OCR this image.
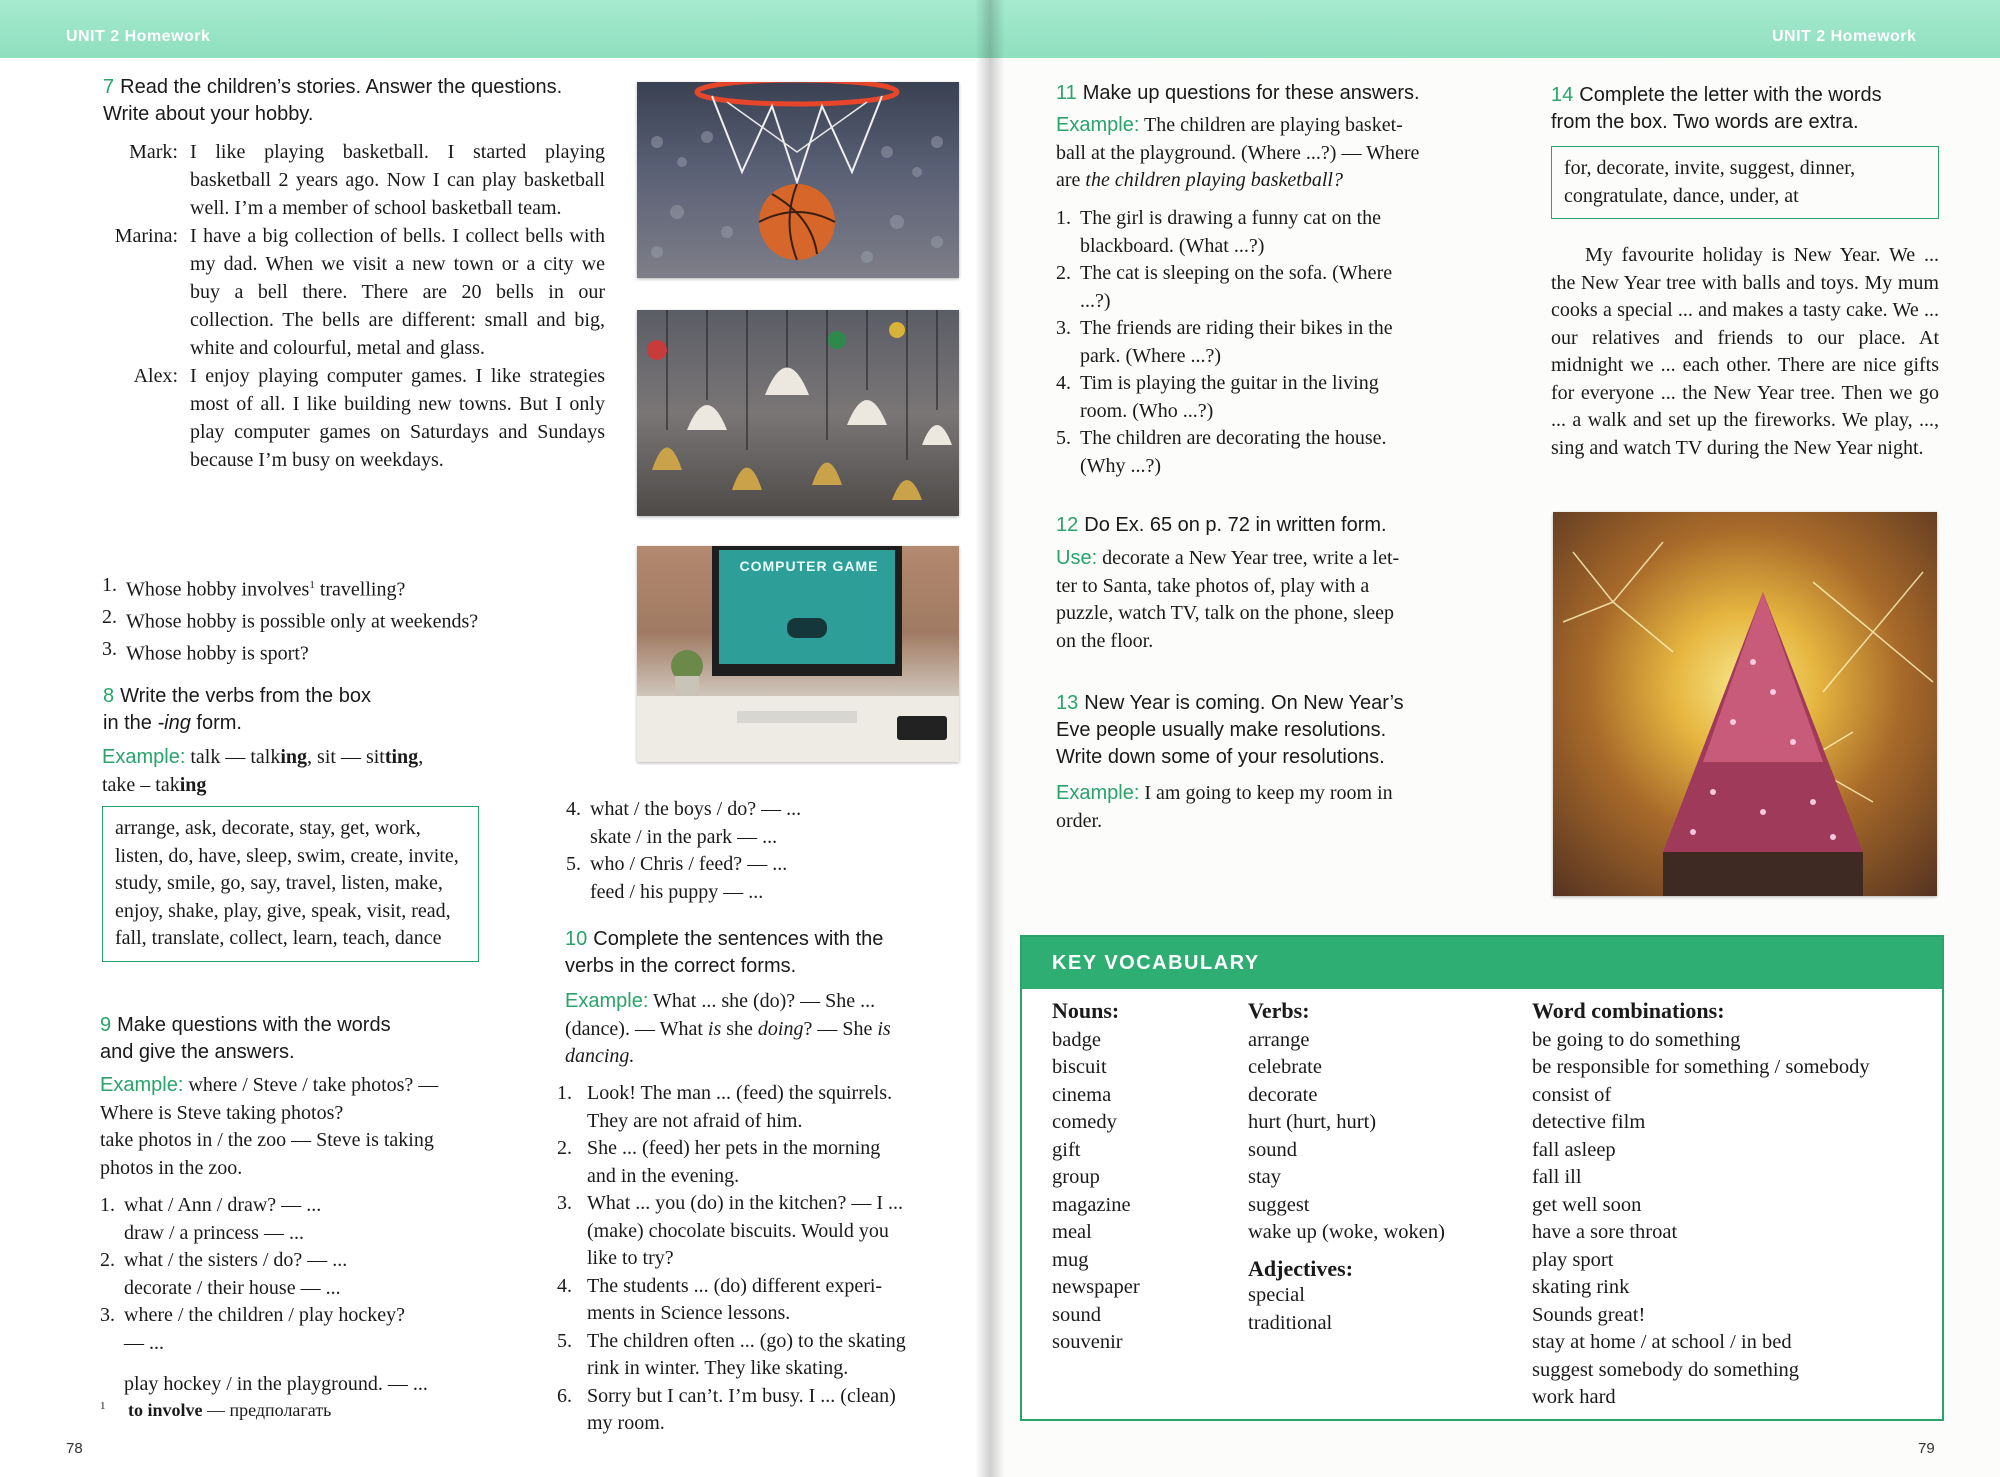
UNIT 2 Homework
7 Read the children’s stories. Answer the questions.
Write about your hobby.
Mark: I like playing basketball. I started playing basketball 2 years ago. Now I can play basketball well. I’m a member of school basketball team.
Marina: I have a big collection of bells. I collect bells with my dad. When we visit a new town or a city we buy a bell there. There are 20 bells in our collection. The bells are different: small and big, white and colourful, metal and glass.
Alex: I enjoy playing computer games. I like strategies most of all. I like building new towns. But I only play computer games on Saturdays and Sundays because I’m busy on weekdays.
1. Whose hobby involves$^1$ travelling?
2. Whose hobby is possible only at weekends?
3. Whose hobby is sport?
COMPUTER GAME
8 Write the verbs from the box
in the -ing form.
Example: talk — talking, sit — sitting,
take – taking
arrange, ask, decorate, stay, get, work, listen, do, have, sleep, swim, create, invite, study, smile, go, say, travel, listen, make, enjoy, shake, play, give, speak, visit, read, fall, translate, collect, learn, teach, dance
9 Make questions with the words
and give the answers.
Example: where / Steve / take photos? —
Where is Steve taking photos?
take photos in / the zoo — Steve is taking
photos in the zoo.
1. what / Ann / draw? — ...
draw / a princess — ...
2. what / the sisters / do? — ...
decorate / their house — ...
3. where / the children / play hockey?
— ...
play hockey / in the playground. — ...
$^1$ to involve — предполагать
4. what / the boys / do? — ...
skate / in the park — ...
5. who / Chris / feed? — ...
feed / his puppy — ...
10 Complete the sentences with the
verbs in the correct forms.
Example: What ... she (do)? — She ...
(dance). — What is she doing? — She is
dancing.
1. Look! The man ... (feed) the squirrels.
They are not afraid of him.
2. She ... (feed) her pets in the morning
and in the evening.
3. What ... you (do) in the kitchen? — I ...
(make) chocolate biscuits. Would you
like to try?
4. The students ... (do) different experi-
ments in Science lessons.
5. The children often ... (go) to the skating
rink in winter. They like skating.
6. Sorry but I can’t. I’m busy. I ... (clean)
my room.
78
UNIT 2 Homework
11 Make up questions for these answers.
Example: The children are playing basket-
ball at the playground. (Where ...?) — Where
are the children playing basketball?
1. The girl is drawing a funny cat on the
blackboard. (What ...?)
2. The cat is sleeping on the sofa. (Where
...?)
3. The friends are riding their bikes in the
park. (Where ...?)
4. Tim is playing the guitar in the living
room. (Who ...?)
5. The children are decorating the house.
(Why ...?)
12 Do Ex. 65 on p. 72 in written form.
Use: decorate a New Year tree, write a let-
ter to Santa, take photos of, play with a
puzzle, watch TV, talk on the phone, sleep
on the floor.
13 New Year is coming. On New Year’s
Eve people usually make resolutions.
Write down some of your resolutions.
Example: I am going to keep my room in
order.
14 Complete the letter with the words
from the box. Two words are extra.
for, decorate, invite, suggest, dinner,
congratulate, dance, under, at
My favourite holiday is New Year. We ... the New Year tree with balls and toys. My mum cooks a special ... and makes a tasty cake. We ... our relatives and friends to our place. At midnight we ... each other. There are nice gifts for everyone ... the New Year tree. Then we go ... a walk and set up the fireworks. We play, ..., sing and watch TV during the New Year night.
KEY VOCABULARY
Nouns:
badge
biscuit
cinema
comedy
gift
group
magazine
meal
mug
newspaper
sound
souvenir
Verbs:
arrange
celebrate
decorate
hurt (hurt, hurt)
sound
stay
suggest
wake up (woke, woken)
Adjectives:
special
traditional
Word combinations:
be going to do something
be responsible for something / somebody
consist of
detective film
fall asleep
fall ill
get well soon
have a sore throat
play sport
skating rink
Sounds great!
stay at home / at school / in bed
suggest somebody do something
work hard
79
